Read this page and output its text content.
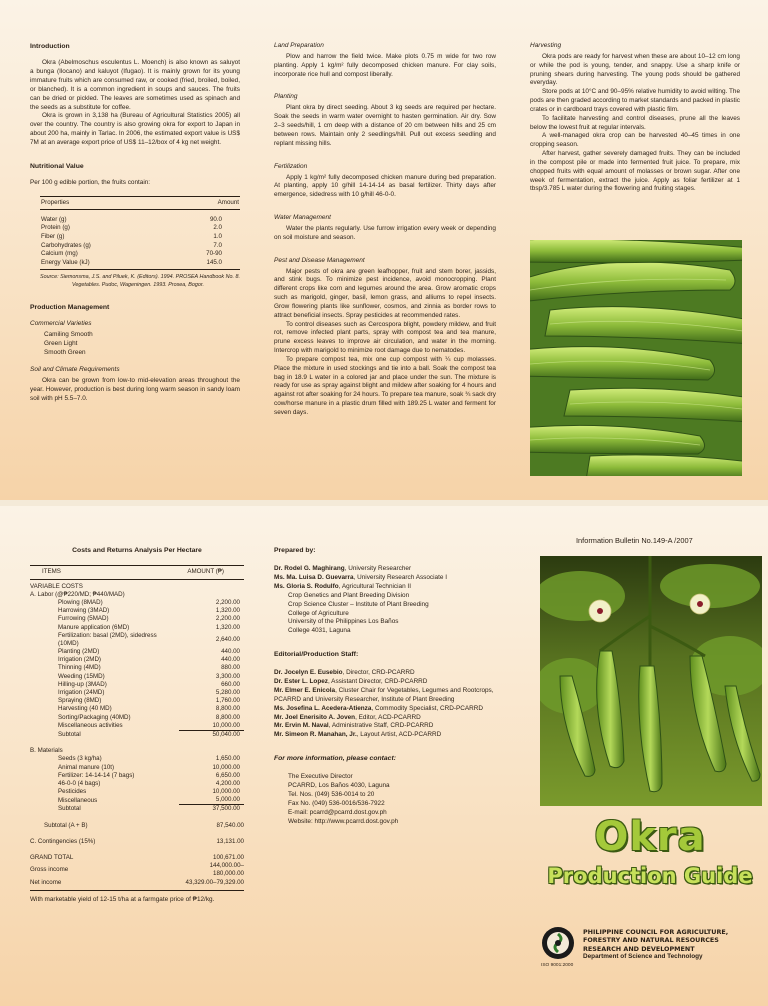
Introduction

Okra (Abelmoschus esculentus L. Moench) is also known as saluyot a bunga (Ilocano) and kaluyot (Ifugao). It is mainly grown for its young immature fruits which are consumed raw, or cooked (fried, broiled, boiled, or blanched). It is a common ingredient in soups and sauces. The fruits can be dried or pickled. The leaves are sometimes used as spinach and the seeds as a substitute for coffee.

Okra is grown in 3,138 ha (Bureau of Agricultural Statistics 2005) all over the country. The country is also growing okra for export to Japan in about 200 ha, mainly in Tarlac. In 2006, the estimated export value is US$ 7M at an average export price of US$ 11–12/box of 4 kg net weight.

Nutritional Value

Per 100 g edible portion, the fruits contain:

Properties	Amount

Water (g)	90.0
Protein (g)	2.0
Fiber (g)	1.0
Carbohydrates (g)	7.0
Calcium (mg)	70-90
Energy Value (kJ)	145.0

Source: Siemonsma, J.S. and Piluek, K. (Editors). 1994. PROSEA Handbook No. 8. Vegetables. Pudoc, Wageningen. 1993. Prosea, Bogor.

Production Management
Commercial Varieties
Camiling Smooth
Green Light
Smooth Green
Soil and Climate Requirements

Okra can be grown from low-to mid-elevation areas throughout the year. However, production is best during long warm season in sandy loam soil with pH 5.5–7.0.

Land Preparation

Plow and harrow the field twice. Make plots 0.75 m wide for two row planting. Apply 1 kg/m² fully decomposed chicken manure. For clay soils, incorporate rice hull and compost liberally.

Planting

Plant okra by direct seeding. About 3 kg seeds are required per hectare. Soak the seeds in warm water overnight to hasten germination. Air dry. Sow 2–3 seeds/hill, 1 cm deep with a distance of 20 cm between hills and 25 cm between rows. Maintain only 2 seedlings/hill. Pull out excess seedling and replant missing hills.

Fertilization

Apply 1 kg/m² fully decomposed chicken manure during bed preparation. At planting, apply 10 g/hill 14-14-14 as basal fertilizer. Thirty days after emergence, sidedress with 10 g/hill 46-0-0.

Water Management

Water the plants regularly. Use furrow irrigation every week or depending on soil moisture and season.

Pest and Disease Management

Major pests of okra are green leafhopper, fruit and stem borer, jassids, and stink bugs. To minimize pest incidence, avoid monocropping. Plant different crops like corn and legumes around the area. Grow aromatic crops such as marigold, ginger, basil, lemon grass, and alliums to repel insects. Grow flowering plants like sunflower, cosmos, and zinnia as border rows to attract beneficial insects. Spray pesticides at recommended rates.

To control diseases such as Cercospora blight, powdery mildew, and fruit rot, remove infected plant parts, spray with compost tea and tea manure, prune excess leaves to improve air circulation, and water in the morning. Intercrop with marigold to minimize root damage due to nematodes.

To prepare compost tea, mix one cup compost with ¼ cup molasses. Place the mixture in used stockings and tie into a ball. Soak the compost tea bag in 18.9 L water in a colored jar and place under the sun. The mixture is ready for use as spray against blight and mildew after soaking for 4 hours and against rot after soaking for 24 hours. To prepare tea manure, soak ¾ sack dry cow/horse manure in a plastic drum filled with 189.25 L water and ferment for seven days.

Harvesting

Okra pods are ready for harvest when these are about 10–12 cm long or while the pod is young, tender, and snappy. Use a sharp knife or pruning shears during harvesting. The young pods should be gathered everyday.

Store pods at 10°C and 90–95% relative humidity to avoid wilting. The pods are then graded according to market standards and packed in plastic crates or in cardboard trays covered with plastic film.

To facilitate harvesting and control diseases, prune all the leaves below the lowest fruit at regular intervals.

A well-managed okra crop can be harvested 40–45 times in one cropping season.

After harvest, gather severely damaged fruits. They can be included in the compost pile or made into fermented fruit juice. To prepare, mix chopped fruits with equal amount of molasses or brown sugar. After one week of fermentation, extract the juice. Apply as foliar fertilizer at 1 tbsp/3.785 L water during the flowering and fruiting stages.

Costs and Returns Analysis Per Hectare
ITEMS	AMOUNT (₱)
VARIABLE COSTS	
A. Labor (@₱220/MD; ₱440/MAD)	
Plowing (8MAD)	2,200.00
Harrowing (3MAD)	1,320.00
Furrowing (5MAD)	2,200.00
Manure application (6MD)	1,320.00
Fertilization: basal (2MD), sidedress (10MD)	2,640.00
Planting (2MD)	440.00
Irrigation (2MD)	440.00
Thinning (4MD)	880.00
Weeding (15MD)	3,300.00
Hilling-up (3MAD)	660.00
Irrigation (24MD)	5,280.00
Spraying (8MD)	1,760.00
Harvesting (40 MD)	8,800.00
Sorting/Packaging (40MD)	8,800.00
Miscellaneous activities	10,000.00
Subtotal	50,040.00

B. Materials	
Seeds (3 kg/ha)	1,650.00
Animal manure (10t)	10,000.00
Fertilizer: 14-14-14 (7 bags)	6,650.00
46-0-0 (4 bags)	4,200.00
Pesticides	10,000.00
Miscellaneous	5,000.00
Subtotal	37,500.00

Subtotal (A + B)	87,540.00

C. Contingencies (15%)	13,131.00

GRAND TOTAL	100,671.00
Gross income	144,000.00–180,000.00
Net income	43,329.00–79,329.00

With marketable yield of 12-15 t/ha at a farmgate price of ₱12/kg.

Prepared by:

Dr. Rodel G. Maghirang, University Researcher

Ms. Ma. Luisa D. Guevarra, University Research Associate I

Ms. Gloria S. Rodulfo, Agricultural Technician II

Crop Genetics and Plant Breeding Division

Crop Science Cluster – Institute of Plant Breeding

College of Agriculture

University of the Philippines Los Baños

College 4031, Laguna

Editorial/Production Staff:

Dr. Jocelyn E. Eusebio, Director, CRD-PCARRD

Dr. Ester L. Lopez, Assistant Director, CRD-PCARRD

Mr. Elmer E. Enicola, Cluster Chair for Vegetables, Legumes and Rootcrops, PCARRD and University Researcher, Institute of Plant Breeding

Ms. Josefina L. Acedera-Atienza, Commodity Specialist, CRD-PCARRD

Mr. Joel Enerisito A. Joven, Editor, ACD-PCARRD

Mr. Ervin M. Naval, Administrative Staff, CRD-PCARRD

Mr. Simeon R. Manahan, Jr., Layout Artist, ACD-PCARRD

For more information, please contact:

The Executive Director

PCARRD, Los Baños 4030, Laguna

Tel. Nos. (049) 536-0014 to 20

Fax No. (049) 536-0016/536-7922

E-mail: pcarrd@pcarrd.dost.gov.ph

Website: http://www.pcarrd.dost.gov.ph

Information Bulletin No.149-A /2007
Okra
Production Guide
ISO 9001:2000
PHILIPPINE COUNCIL FOR AGRICULTURE,
FORESTRY AND NATURAL RESOURCES
RESEARCH AND DEVELOPMENT
Department of Science and Technology
